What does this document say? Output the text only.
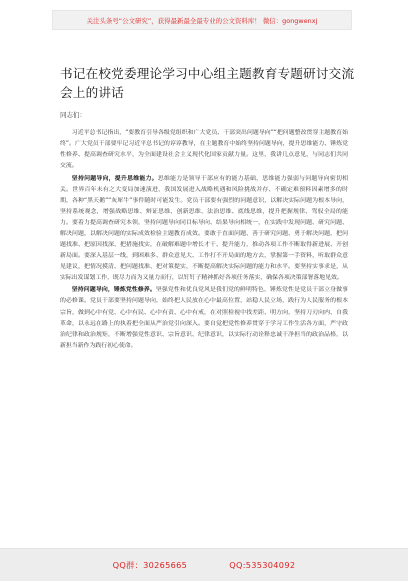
关注头条号“公文研究”，获得最新最全最专业的公文资料库！ 微信：gongwenxj
书记在校党委理论学习中心组主题教育专题研讨交流会上的讲话
同志们：

习近平总书记指出，“要教育引导各级党组织和广大党员、干部突出问题导向”“把问题整改贯穿主题教育始终”。广大党员干部要牢记习近平总书记的谆谆教导，在主题教育中始终坚持问题导向，提升思维能力、锤炼党性修养、提高调查研究水平，为全面建设社会主义现代化国家贡献力量。这里，我讲几点意见，与同志们共同交流。

坚持问题导向，提升思维能力。思维能力是领导干部应有的能力基础，思维能力强弱与问题导向密切相关。世界百年未有之大变局加速演进，我国发展进入战略机遇和风险挑战并存、不确定难预料因素增多的时期，各种“黑天鹅”“灰犀牛”事件随时可能发生。党员干部要有强烈的问题意识，以解决实际问题为根本导向，坚持系统观念，增强战略思维、辩证思维、创新思维、法治思维、底线思维，提升把握规律、驾驭全局的能力。要着力提高调查研究本领，坚持问题导向同目标导向、结果导向相统一，在实践中发现问题、研究问题、解决问题，以解决问题的实际成效检验主题教育成效。要敢于直面问题、善于研究问题、勇于解决问题，把问题找准、把原因找深、把措施找实，在破解难题中增长才干、提升能力，推动各项工作不断取得新进展、开创新局面。要深入基层一线，到困难多、群众意见大、工作打不开局面的地方去，掌握第一手资料，听取群众意见建议，把情况摸清、把问题找准、把对策提实，不断提高解决实际问题的能力和水平。要坚持实事求是，从实际出发谋划工作，既尽力而为又量力而行，以钉钉子精神抓好各项任务落实，确保各项决策部署落地见效。

坚持问题导向，锤炼党性修养。坚强党性和优良党风是我们党的鲜明特色，锤炼党性是党员干部立身做事的必修课。党员干部要坚持问题导向，始终把人民放在心中最高位置，站稳人民立场，践行为人民服务的根本宗旨，做到心中有党、心中有民、心中有责、心中有戒，在对照检视中找差距、明方向，坚持刀刃向内、自我革命，以永远在路上的执着把全面从严治党引向深入。要自觉把党性修养贯穿于学习工作生活各方面，严守政治纪律和政治规矩，不断增强党性意识、宗旨意识、纪律意识，以实际行动诠释忠诚干净担当的政治品格，以新担当新作为践行初心使命。

QQ群：30265665	QQ:535304092
